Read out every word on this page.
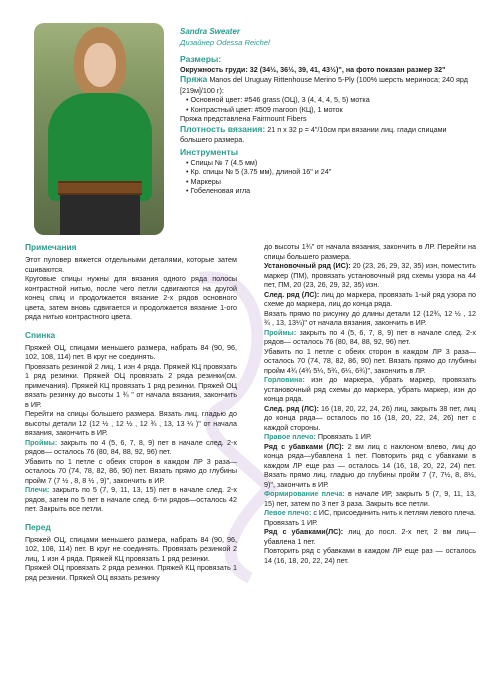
Sandra Sweater
Дизайнер Odessa Reichel
Размеры:
Окружность груди: 32 (34½, 36½, 39, 41, 43½)", на фото показан размер 32"
Пряжа Manos del Uruguay Rittenhouse Merino 5-Ply (100% шерсть мериноса; 240 ярд [219м]/100 г):
• Основной цвет: #546 grass (ОЦ), 3 (4, 4, 4, 5, 5) мотка
• Контрастный цвет: #509 maroon (КЦ), 1 моток
Пряжа представлена Fairmount Fibers
Плотность вязания: 21 п х 32 р = 4"/10см при вязании лиц. глади спицами большего размера.
Инструменты
• Спицы № 7 (4.5 мм)
• Кр. спицы № 5 (3.75 мм), длиной 16" и 24"
• Маркеры
• Гобеленовая игла
Примечания

Этот пуловер вяжется отдельными деталями, которые затем сшиваются.

Круговые спицы нужны для вязания одного ряда полосы контрастной нитью, после чего петли сдвигаются на другой конец спиц и продолжается вязание 2-х рядов основного цвета, затем вновь сдвигается и продолжается вязание 1-ого ряда нитью контрастного цвета.

Спинка

Пряжей ОЦ, спицами меньшего размера, набрать 84 (90, 96, 102, 108, 114) пет. В круг не соединять.

Провязать резинкой 2 лиц, 1 изн 4 ряда. Пряжей КЦ провязать 1 ряд резинки. Пряжей ОЦ провязать 2 ряда резинки(см. примечания). Пряжей КЦ провязать 1 ряд резинки. Пряжей ОЦ вязать резинку до высоты 1 ¾ " от начала вязания, закончить в ИР.

Перейти на спицы большего размера. Вязать лиц. гладью до высоты детали 12 (12 ½ , 12 ½ , 12 ¾ , 13, 13 ¼ )" от начала вязания, закончить в ИР.

Проймы: закрыть по 4 (5, 6, 7, 8, 9) пет в начале след. 2-х рядов— осталось 76 (80, 84, 88, 92, 96) пет.

Убавить по 1 петле с обеих сторон в каждом ЛР 3 раза—осталось 70 (74, 78, 82, 86, 90) пет. Вязать прямо до глубины пройм 7 (7 ½ , 8, 8 ½ , 9)", закончить в ИР.

Плечи: закрыть по 5 (7, 9, 11, 13, 15) пет в начале след. 2-х рядов, затем по 5 пет в начале след. 6-ти рядов—осталось 42 пет. Закрыть все петли.

Перед

Пряжей ОЦ, спицами меньшего размера, набрать 84 (90, 96, 102, 108, 114) пет. В круг не соединять. Провязать резинкой 2 лиц, 1 изн 4 ряда. Пряжей КЦ провязать 1 ряд резинки.

Пряжей ОЦ провязать 2 ряда резинки. Пряжей КЦ провязать 1 ряд резинки. Пряжей ОЦ вязать резинку

до высоты 1¾" от начала вязания, закончить в ЛР. Перейти на спицы большего размера.

Установочный ряд (ИС): 20 (23, 26, 29, 32, 35) изн, поместить маркер (ПМ), провязать установочный ряд схемы узора на 44 пет, ПМ, 20 (23, 26, 29, 32, 35) изн.

След. ряд (ЛС): лиц до маркера, провязать 1-ый ряд узора по схеме до маркера, лиц до конца ряда.

Вязать прямо по рисунку до длины детали 12 (12¾, 12 ½ , 12 ¾ , 13, 13¼)" от начала вязания, закончить в ИР.

Проймы: закрыть по 4 (5, 6, 7, 8, 9) пет в начале след. 2-х рядов— осталось 76 (80, 84, 88, 92, 96) пет.

Убавить по 1 петле с обеих сторон в каждом ЛР 3 раза—осталось 70 (74, 78, 82, 86, 90) пет. Вязать прямо до глубины пройм 4¾ (4¾ 5¼, 5¾, 6¼, 6¾)", закончить в ЛР.

Горловина: изн до маркера, убрать маркер, провязать установочный ряд схемы до маркера, убрать маркер, изн до конца ряда.

След. ряд (ЛС): 16 (18, 20, 22, 24, 26) лиц, закрыть 38 пет, лиц до конца ряда— осталось по 16 (18, 20, 22, 24, 26) пет с каждой стороны.

Правое плечо: Провязать 1 ИР.

Ряд с убавками (ЛС): 2 вм лиц с наклоном влево, лиц до конца ряда—убавлена 1 пет. Повторить ряд с убавками в каждом ЛР еще раз — осталось 14 (16, 18, 20, 22, 24) пет. Вязать прямо лиц. гладью до глубины пройм 7 (7, 7½, 8, 8½, 9)", закончить в ИР.

Формирование плеча: в начале ИР, закрыть 5 (7, 9, 11, 13, 15) пет, затем по 3 пет 3 раза. Закрыть все петли.

Левое плечо: с ИС, присоединить нить к петлям левого плеча.

Провязать 1 ИР.

Ряд с убавками(ЛС): лиц до посл. 2-х пет, 2 вм лиц—убавлена 1 пет.

Повторить ряд с убавками в каждом ЛР еще раз — осталось 14 (16, 18, 20, 22, 24) пет.
